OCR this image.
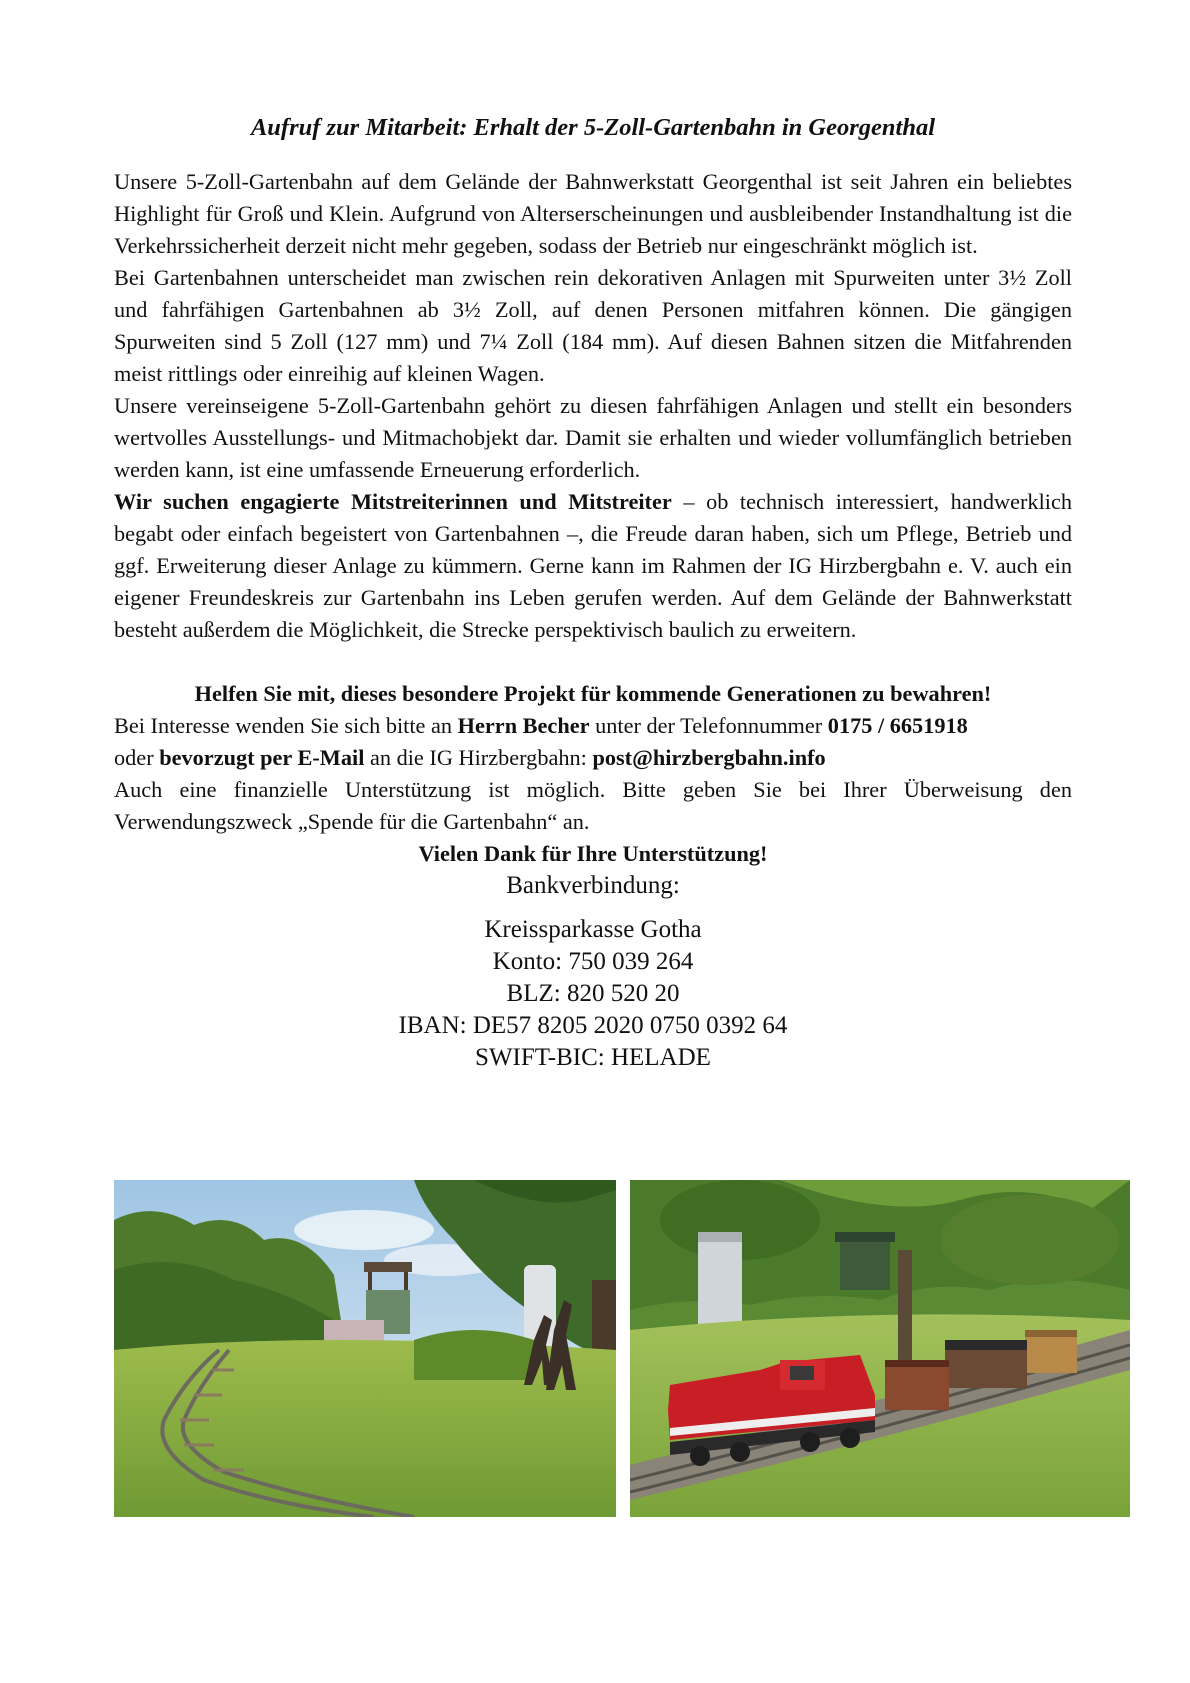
Aufruf zur Mitarbeit: Erhalt der 5-Zoll-Gartenbahn in Georgenthal

Unsere 5-Zoll-Gartenbahn auf dem Gelände der Bahnwerkstatt Georgenthal ist seit Jahren ein beliebtes Highlight für Groß und Klein. Aufgrund von Alterserscheinungen und ausbleibender Instandhaltung ist die Verkehrssicherheit derzeit nicht mehr gegeben, sodass der Betrieb nur eingeschränkt möglich ist.

Bei Gartenbahnen unterscheidet man zwischen rein dekorativen Anlagen mit Spurweiten unter 3½ Zoll und fahrfähigen Gartenbahnen ab 3½ Zoll, auf denen Personen mitfahren können. Die gängigen Spurweiten sind 5 Zoll (127 mm) und 7¼ Zoll (184 mm). Auf diesen Bahnen sitzen die Mitfahrenden meist rittlings oder einreihig auf kleinen Wagen.

Unsere vereinseigene 5-Zoll-Gartenbahn gehört zu diesen fahrfähigen Anlagen und stellt ein besonders wertvolles Ausstellungs- und Mitmachobjekt dar. Damit sie erhalten und wieder vollumfänglich betrieben werden kann, ist eine umfassende Erneuerung erforderlich.

Wir suchen engagierte Mitstreiterinnen und Mitstreiter – ob technisch interessiert, handwerklich begabt oder einfach begeistert von Gartenbahnen –, die Freude daran haben, sich um Pflege, Betrieb und ggf. Erweiterung dieser Anlage zu kümmern. Gerne kann im Rahmen der IG Hirzbergbahn e. V. auch ein eigener Freundeskreis zur Gartenbahn ins Leben gerufen werden. Auf dem Gelände der Bahnwerkstatt besteht außerdem die Möglichkeit, die Strecke perspektivisch baulich zu erweitern.

Helfen Sie mit, dieses besondere Projekt für kommende Generationen zu bewahren!

Bei Interesse wenden Sie sich bitte an Herrn Becher unter der Telefonnummer 0175 / 6651918

oder bevorzugt per E-Mail an die IG Hirzbergbahn: post@hirzbergbahn.info

Auch eine finanzielle Unterstützung ist möglich. Bitte geben Sie bei Ihrer Überweisung den Verwendungszweck „Spende für die Gartenbahn“ an.

Vielen Dank für Ihre Unterstützung!

Bankverbindung:
Kreissparkasse Gotha
Konto: 750 039 264
BLZ: 820 520 20
IBAN: DE57 8205 2020 0750 0392 64
SWIFT-BIC: HELADE
